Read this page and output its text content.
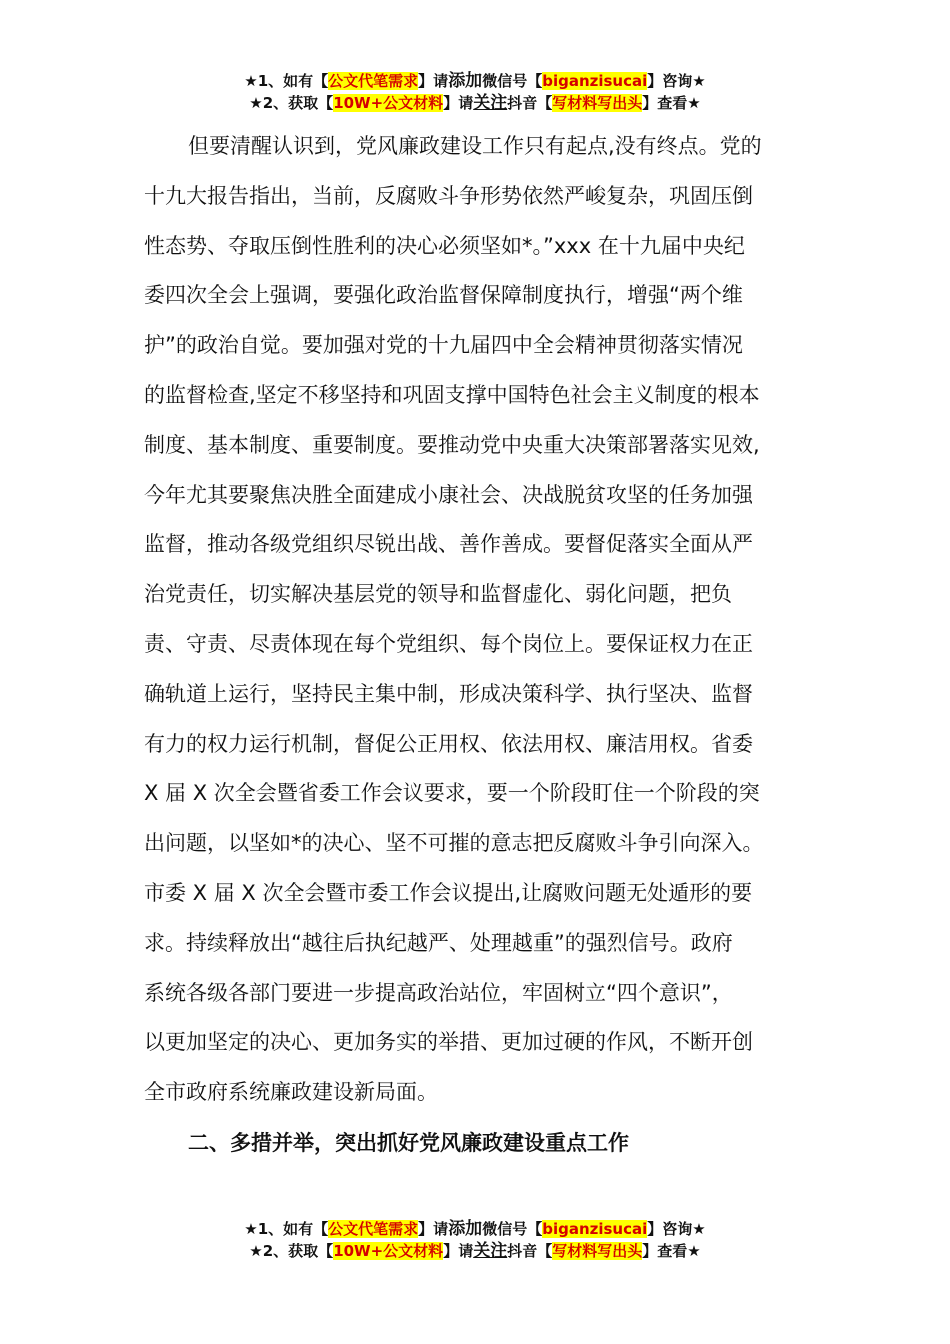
★1、如有【公文代笔需求】请添加微信号【biganzisucai】咨询★
★2、获取【10W+公文材料】请关注抖音【写材料写出头】查看★
但要清醒认识到，党风廉政建设工作只有起点,没有终点。党的
十九大报告指出，当前，反腐败斗争形势依然严峻复杂，巩固压倒
性态势、夺取压倒性胜利的决心必须坚如*。”xxx 在十九届中央纪
委四次全会上强调，要强化政治监督保障制度执行，增强“两个维
护”的政治自觉。要加强对党的十九届四中全会精神贯彻落实情况
的监督检查,坚定不移坚持和巩固支撑中国特色社会主义制度的根本
制度、基本制度、重要制度。要推动党中央重大决策部署落实见效,
今年尤其要聚焦决胜全面建成小康社会、决战脱贫攻坚的任务加强
监督，推动各级党组织尽锐出战、善作善成。要督促落实全面从严
治党责任，切实解决基层党的领导和监督虚化、弱化问题，把负
责、守责、尽责体现在每个党组织、每个岗位上。要保证权力在正
确轨道上运行，坚持民主集中制，形成决策科学、执行坚决、监督
有力的权力运行机制，督促公正用权、依法用权、廉洁用权。省委
X 届 X 次全会暨省委工作会议要求，要一个阶段盯住一个阶段的突
出问题，以坚如*的决心、坚不可摧的意志把反腐败斗争引向深入。
市委 X 届 X 次全会暨市委工作会议提出,让腐败问题无处遁形的要
求。持续释放出“越往后执纪越严、处理越重”的强烈信号。政府
系统各级各部门要进一步提高政治站位，牢固树立“四个意识”，
以更加坚定的决心、更加务实的举措、更加过硬的作风，不断开创
全市政府系统廉政建设新局面。
二、多措并举，突出抓好党风廉政建设重点工作
★1、如有【公文代笔需求】请添加微信号【biganzisucai】咨询★
★2、获取【10W+公文材料】请关注抖音【写材料写出头】查看★
